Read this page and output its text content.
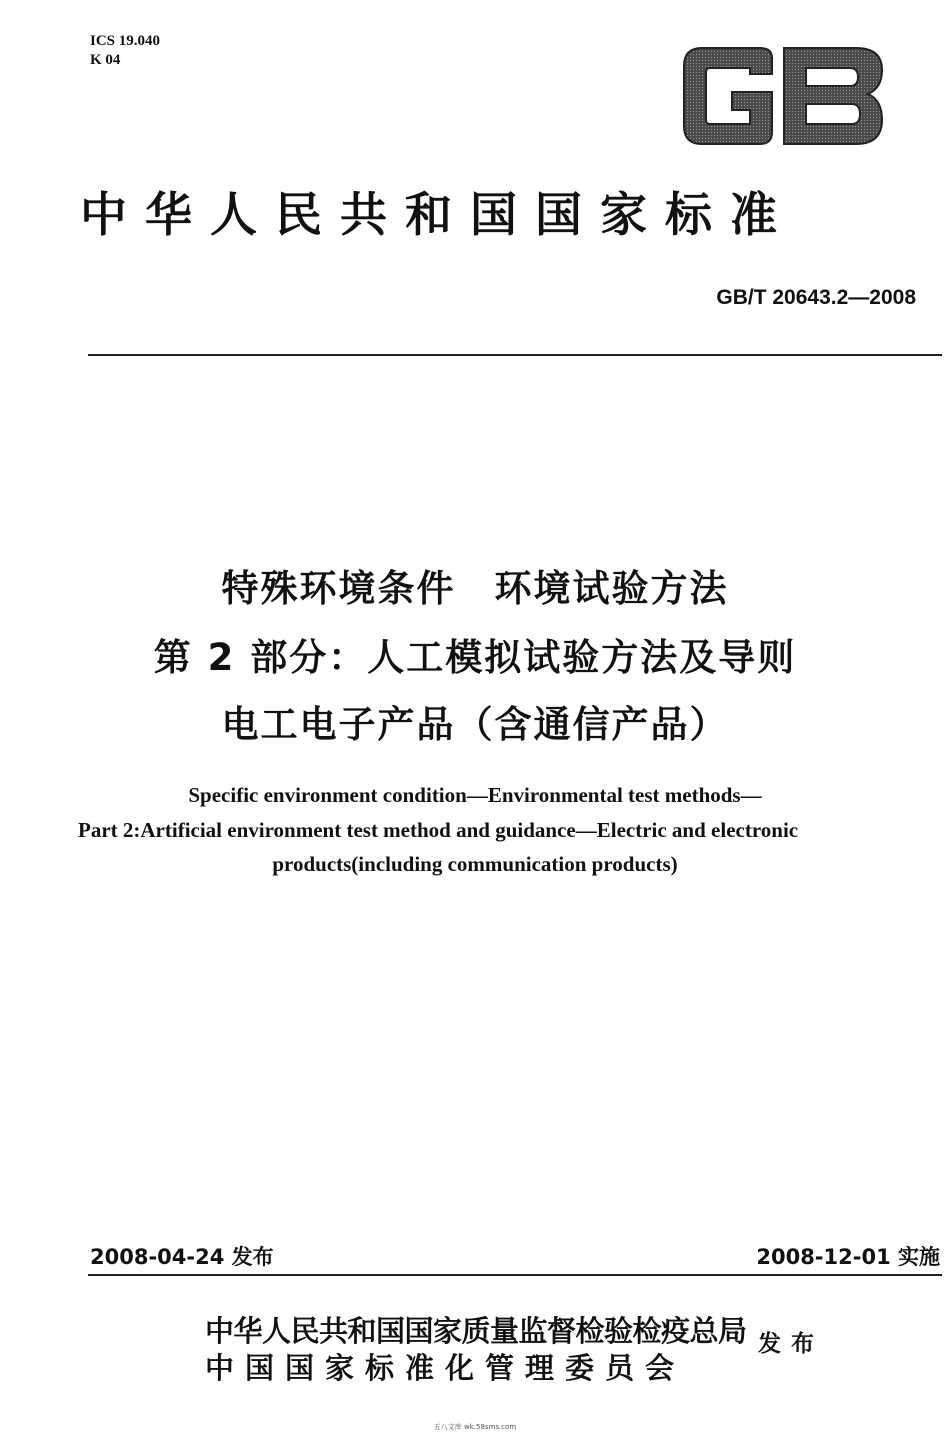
ICS 19.040
K 04
中华人民共和国国家标准
GB/T 20643.2—2008
特殊环境条件　环境试验方法
第 2 部分：人工模拟试验方法及导则
电工电子产品（含通信产品）
Specific environment condition—Environmental test methods—
Part 2:Artificial environment test method and guidance—Electric and electronic
products(including communication products)
2008-04-24 发布	2008-12-01 实施
中华人民共和国国家质量监督检验检疫总局
中国国家标准化管理委员会
发布
五八文库 wk.58sms.com
